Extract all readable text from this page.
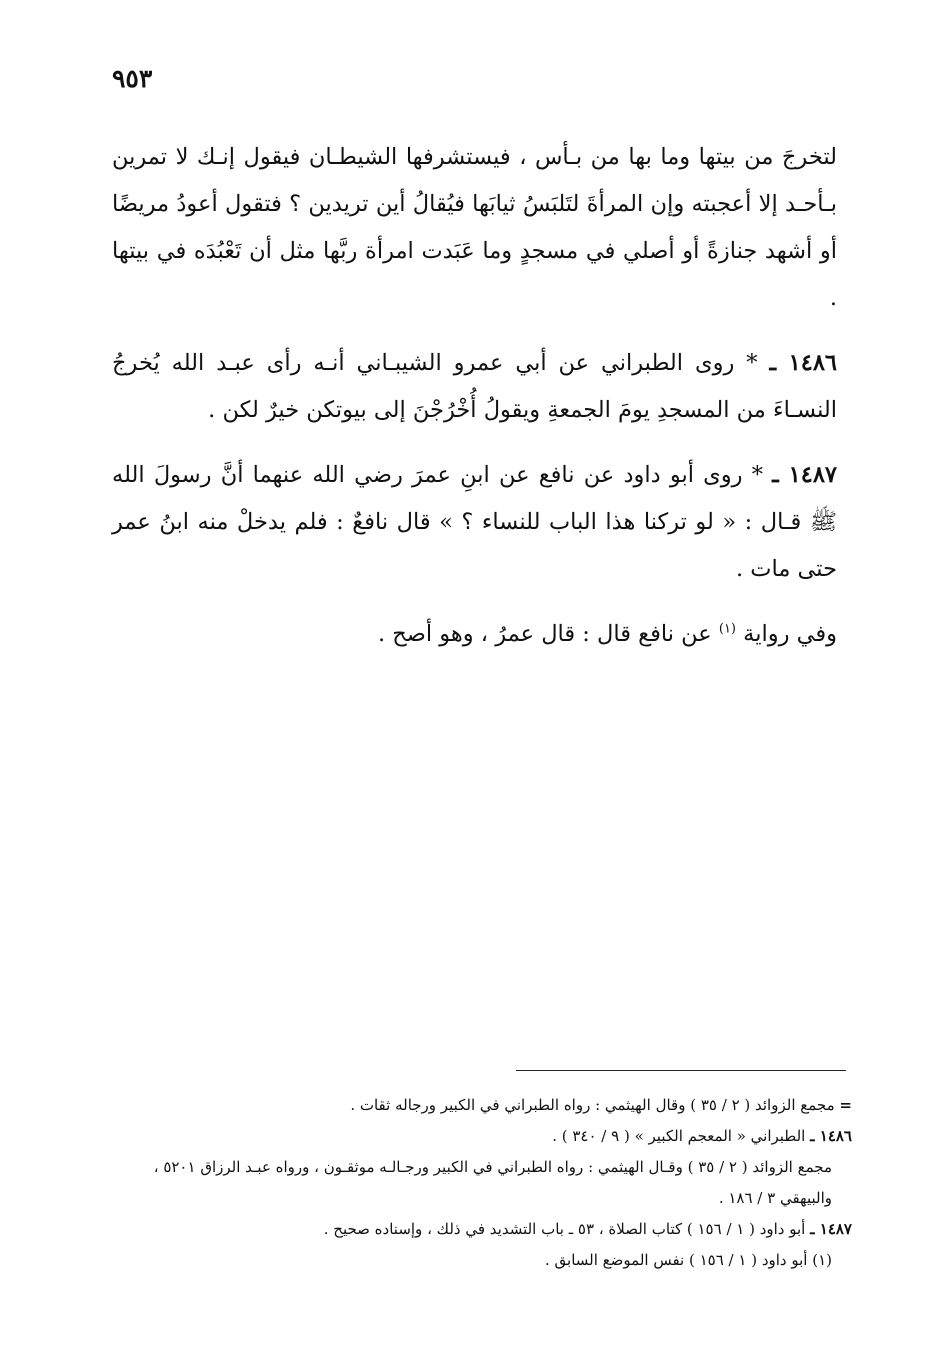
٩٥٣

لتخرجَ من بيتها وما بها من بـأس ، فيستشرفها الشيطـان فيقول إنـك لا تمرين بـأحـد إلا أعجبته وإن المرأةَ لتَلبَسُ ثيابَها فيُقالُ أين تريدين ؟ فتقول أعودُ مريضًا أو أشهد جنازةً أو أصلي في مسجدٍ وما عَبَدت امرأة ربَّها مثل أن تَعْبُدَه في بيتها .

١٤٨٦ ـ * روى الطبراني عن أبي عمرو الشيبـاني أنـه رأى عبـد الله يُخرجُ النسـاءَ من المسجدِ يومَ الجمعةِ ويقولُ أُخْرُجْنَ إلى بيوتكن خيرٌ لكن .

١٤٨٧ ـ * روى أبو داود عن نافع عن ابنِ عمرَ رضي الله عنهما أنَّ رسولَ الله ﷺ قـال : « لو تركنا هذا الباب للنساء ؟ » قال نافعٌ : فلم يدخلْ منه ابنُ عمر حتى مات .

وفي رواية $^{(١)}$ عن نافع قال : قال عمرُ ، وهو أصح .

= مجمع الزوائد ( ٢ / ٣٥ ) وقال الهيثمي : رواه الطبراني في الكبير ورجاله ثقات .
١٤٨٦ ـ الطبراني « المعجم الكبير » ( ٩ / ٣٤٠ ) .
مجمع الزوائد ( ٢ / ٣٥ ) وقـال الهيثمي : رواه الطبراني في الكبير ورجـالـه موثقـون ، ورواه عبـد الرزاق ٥٢٠١ ، والبيهقي ٣ / ١٨٦ .
١٤٨٧ ـ أبو داود ( ١ / ١٥٦ ) كتاب الصلاة ، ٥٣ ـ باب التشديد في ذلك ، وإسناده صحيح .
(١) أبو داود ( ١ / ١٥٦ ) نفس الموضع السابق .
